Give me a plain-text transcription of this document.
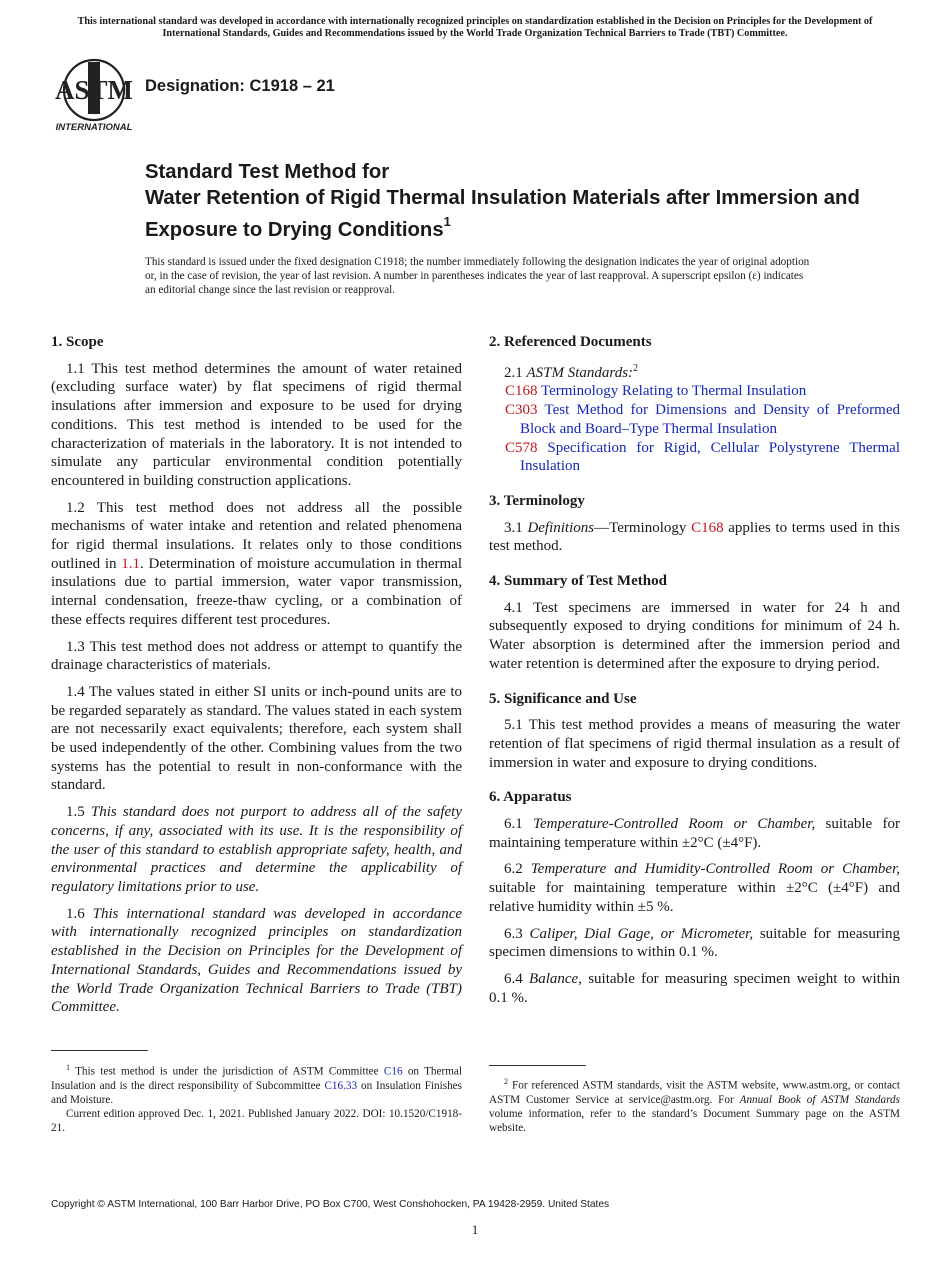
This international standard was developed in accordance with internationally recognized principles on standardization established in the Decision on Principles for the Development of International Standards, Guides and Recommendations issued by the World Trade Organization Technical Barriers to Trade (TBT) Committee.
ASTM
INTERNATIONAL
Designation: C1918 – 21
Standard Test Method for
Water Retention of Rigid Thermal Insulation Materials after Immersion and Exposure to Drying Conditions$^1$
This standard is issued under the fixed designation C1918; the number immediately following the designation indicates the year of original adoption or, in the case of revision, the year of last revision. A number in parentheses indicates the year of last reapproval. A superscript epsilon (ε) indicates an editorial change since the last revision or reapproval.
1. Scope

1.1 This test method determines the amount of water retained (excluding surface water) by flat specimens of rigid thermal insulations after immersion and exposure to be used for drying conditions. This test method is intended to be used for the characterization of materials in the laboratory. It is not intended to simulate any particular environmental condition potentially encountered in building construction applications.

1.2 This test method does not address all the possible mechanisms of water intake and retention and related phenomena for rigid thermal insulations. It relates only to those conditions outlined in 1.1. Determination of moisture accumulation in thermal insulations due to partial immersion, water vapor transmission, internal condensation, freeze-thaw cycling, or a combination of these effects requires different test procedures.

1.3 This test method does not address or attempt to quantify the drainage characteristics of materials.

1.4 The values stated in either SI units or inch-pound units are to be regarded separately as standard. The values stated in each system are not necessarily exact equivalents; therefore, each system shall be used independently of the other. Combining values from the two systems has the potential to result in non-conformance with the standard.

1.5 This standard does not purport to address all of the safety concerns, if any, associated with its use. It is the responsibility of the user of this standard to establish appropriate safety, health, and environmental practices and determine the applicability of regulatory limitations prior to use.

1.6 This international standard was developed in accordance with internationally recognized principles on standardization established in the Decision on Principles for the Development of International Standards, Guides and Recommendations issued by the World Trade Organization Technical Barriers to Trade (TBT) Committee.

2. Referenced Documents

2.1 ASTM Standards:$^2$

C168 Terminology Relating to Thermal Insulation

C303 Test Method for Dimensions and Density of Preformed Block and Board–Type Thermal Insulation

C578 Specification for Rigid, Cellular Polystyrene Thermal Insulation

3. Terminology

3.1 Definitions—Terminology C168 applies to terms used in this test method.

4. Summary of Test Method

4.1 Test specimens are immersed in water for 24 h and subsequently exposed to drying conditions for minimum of 24 h. Water absorption is determined after the immersion period and water retention is determined after the exposure to drying period.

5. Significance and Use

5.1 This test method provides a means of measuring the water retention of flat specimens of rigid thermal insulation as a result of immersion in water and exposure to drying conditions.

6. Apparatus

6.1 Temperature-Controlled Room or Chamber, suitable for maintaining temperature within ±2°C (±4°F).

6.2 Temperature and Humidity-Controlled Room or Chamber, suitable for maintaining temperature within ±2°C (±4°F) and relative humidity within ±5 %.

6.3 Caliper, Dial Gage, or Micrometer, suitable for measuring specimen dimensions to within 0.1 %.

6.4 Balance, suitable for measuring specimen weight to within 0.1 %.

$^1$ This test method is under the jurisdiction of ASTM Committee C16 on Thermal Insulation and is the direct responsibility of Subcommittee C16.33 on Insulation Finishes and Moisture.

Current edition approved Dec. 1, 2021. Published January 2022. DOI: 10.1520/C1918-21.

$^2$ For referenced ASTM standards, visit the ASTM website, www.astm.org, or contact ASTM Customer Service at service@astm.org. For Annual Book of ASTM Standards volume information, refer to the standard’s Document Summary page on the ASTM website.

Copyright © ASTM International, 100 Barr Harbor Drive, PO Box C700, West Conshohocken, PA 19428-2959. United States
1
